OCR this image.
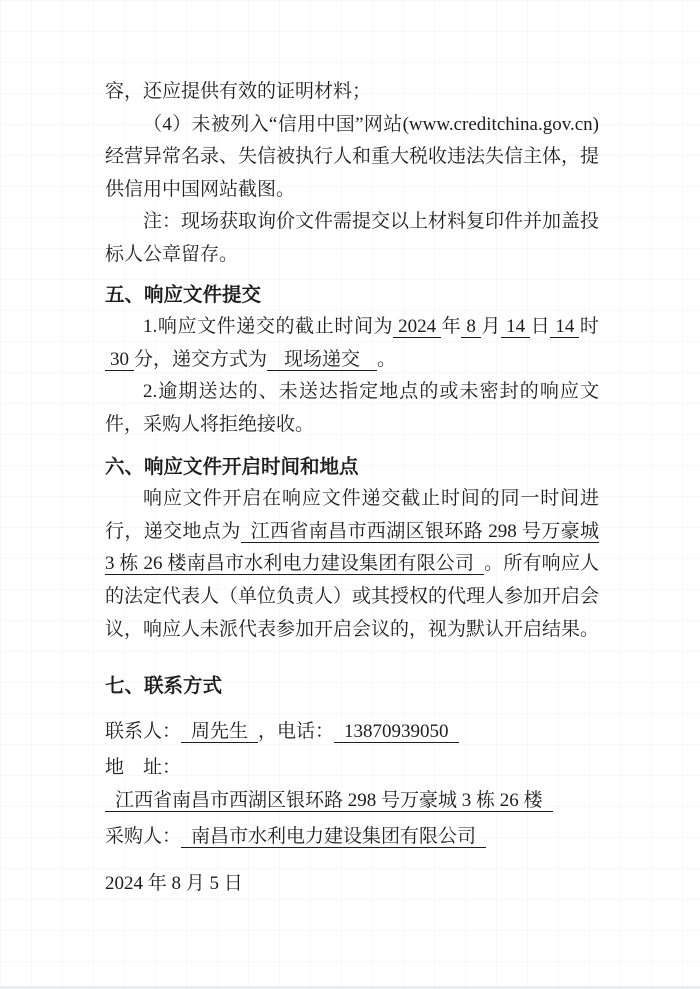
容，还应提供有效的证明材料；

（4）未被列入“信用中国”网站(www.creditchina.gov.cn)经营异常名录、失信被执行人和重大税收违法失信主体，提供信用中国网站截图。

注：现场获取询价文件需提交以上材料复印件并加盖投标人公章留存。

五、响应文件提交

1.响应文件递交的截止时间为 2024 年 8 月 14 日 14 时30 分，递交方式为 现场递交 。

2.逾期送达的、未送达指定地点的或未密封的响应文件，采购人将拒绝接收。

六、响应文件开启时间和地点

响应文件开启在响应文件递交截止时间的同一时间进行，递交地点为 江西省南昌市西湖区银环路 298 号万豪城 3 栋 26 楼南昌市水利电力建设集团有限公司 。所有响应人的法定代表人（单位负责人）或其授权的代理人参加开启会议，响应人未派代表参加开启会议的，视为默认开启结果。

七、联系方式

联系人： 周先生 ，电话： 13870939050

地　址：江西省南昌市西湖区银环路 298 号万豪城 3 栋 26 楼

采购人： 南昌市水利电力建设集团有限公司

2024 年 8 月 5 日
